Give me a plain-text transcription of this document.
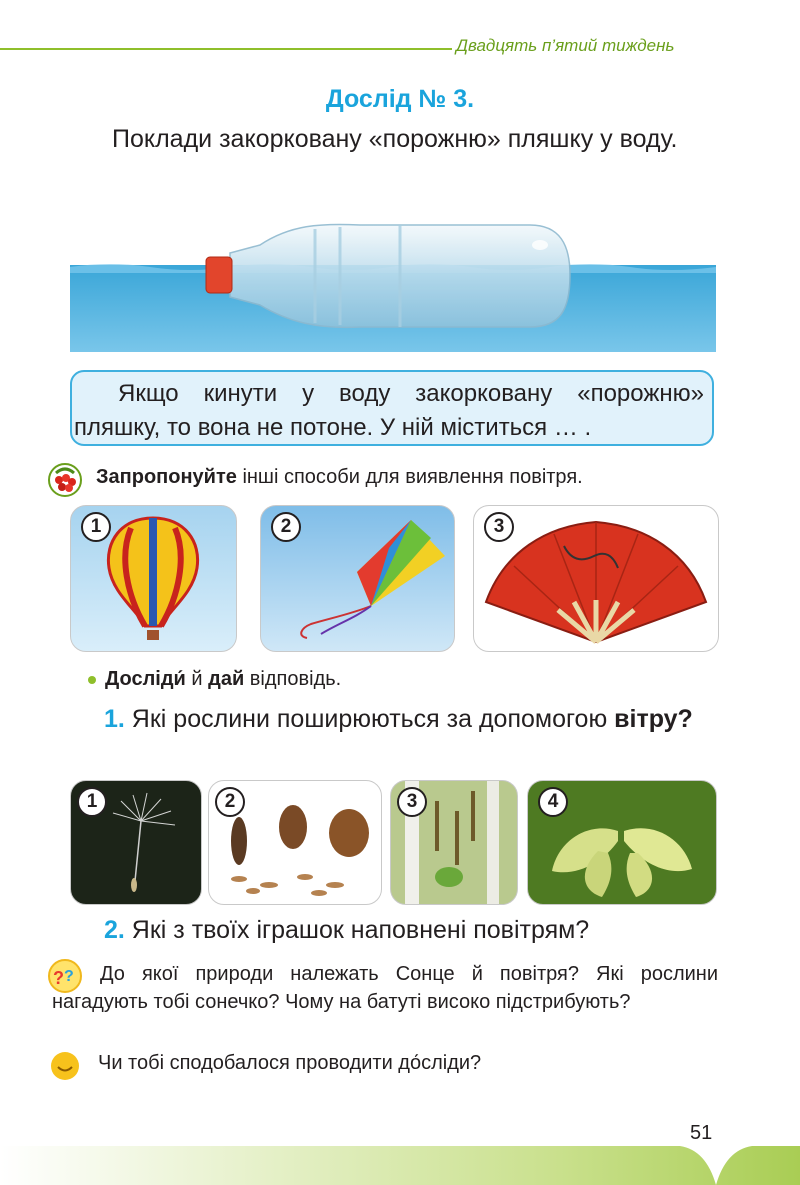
Двадцять п’ятий тиждень
Дослід № 3.
Поклади закорковану «порожню» пляшку у воду.
Якщо кинути у воду закорковану «порожню» пляшку, то вона не потоне. У ній міститься … .
Запропонуйте інші способи для виявлення повітря.
1	2	3
Досліди́ й дай відповідь.
1. Які рослини поширюються за допомогою вітру?
1	2	3	4
2. Які з твоїх іграшок наповнені повітрям?
? ?	До якої природи належать Сонце й повітря? Які рослини нагадують тобі сонечко? Чому на батуті високо підстрибують?
Чи тобі сподобалося проводити до́сліди?
51
